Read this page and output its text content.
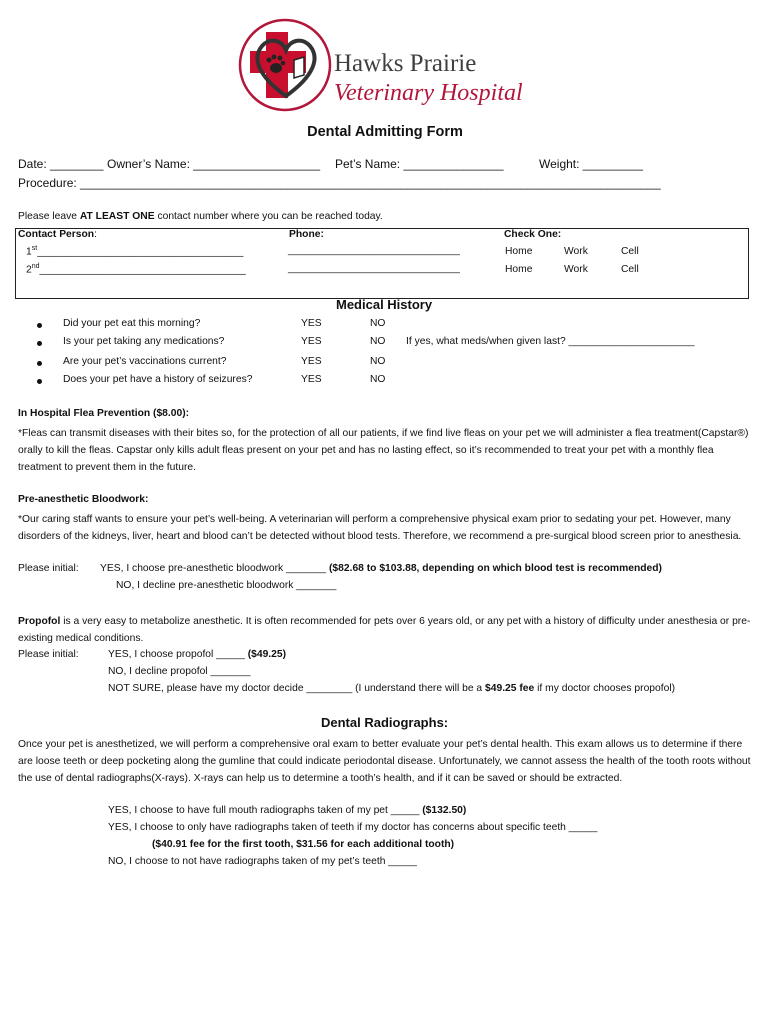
Hawks Prairie
Veterinary Hospital
Dental Admitting Form
Date: ________ Owner’s Name: ___________________ Pet’s Name: _______________	Weight: _________
Procedure: _______________________________________________________________________________________
Please leave AT LEAST ONE contact number where you can be reached today.
Contact Person:	Phone:	Check One:
1st____________________________________	______________________________	Home	Work	Cell
2nd____________________________________	______________________________	Home	Work	Cell
Medical History
Did your pet eat this morning?	YES	NO
Is your pet taking any medications?	YES	NO If yes, what meds/when given last? ______________________
Are your pet’s vaccinations current?	YES	NO
Does your pet have a history of seizures?	YES	NO
In Hospital Flea Prevention ($8.00):
*Fleas can transmit diseases with their bites so, for the protection of all our patients, if we find live fleas on your pet we will administer a flea treatment(Capstar®) orally to kill the fleas. Capstar only kills adult fleas present on your pet and has no lasting effect, so it’s recommended to treat your pet with a monthly flea treatment to prevent them in the future.
Pre-anesthetic Bloodwork:
*Our caring staff wants to ensure your pet’s well-being. A veterinarian will perform a comprehensive physical exam prior to sedating your pet. However, many disorders of the kidneys, liver, heart and blood can’t be detected without blood tests. Therefore, we recommend a pre-surgical blood screen prior to anesthesia.
Please initial: YES, I choose pre-anesthetic bloodwork _______ ($82.68 to $103.88, depending on which blood test is recommended)
NO, I decline pre-anesthetic bloodwork _______
Propofol is a very easy to metabolize anesthetic. It is often recommended for pets over 6 years old, or any pet with a history of difficulty under anesthesia or pre-existing medical conditions.
Please initial:	YES, I choose propofol _____ ($49.25)
NO, I decline propofol _______
NOT SURE, please have my doctor decide ________ (I understand there will be a $49.25 fee if my doctor chooses propofol)
Dental Radiographs:
Once your pet is anesthetized, we will perform a comprehensive oral exam to better evaluate your pet’s dental health. This exam allows us to determine if there are loose teeth or deep pocketing along the gumline that could indicate periodontal disease. Unfortunately, we cannot assess the health of the tooth roots without the use of dental radiographs(X-rays). X-rays can help us to determine a tooth’s health, and if it can be saved or should be extracted.
YES, I choose to have full mouth radiographs taken of my pet _____ ($132.50)
YES, I choose to only have radiographs taken of teeth if my doctor has concerns about specific teeth _____
($40.91 fee for the first tooth, $31.56 for each additional tooth)
NO, I choose to not have radiographs taken of my pet’s teeth _____
